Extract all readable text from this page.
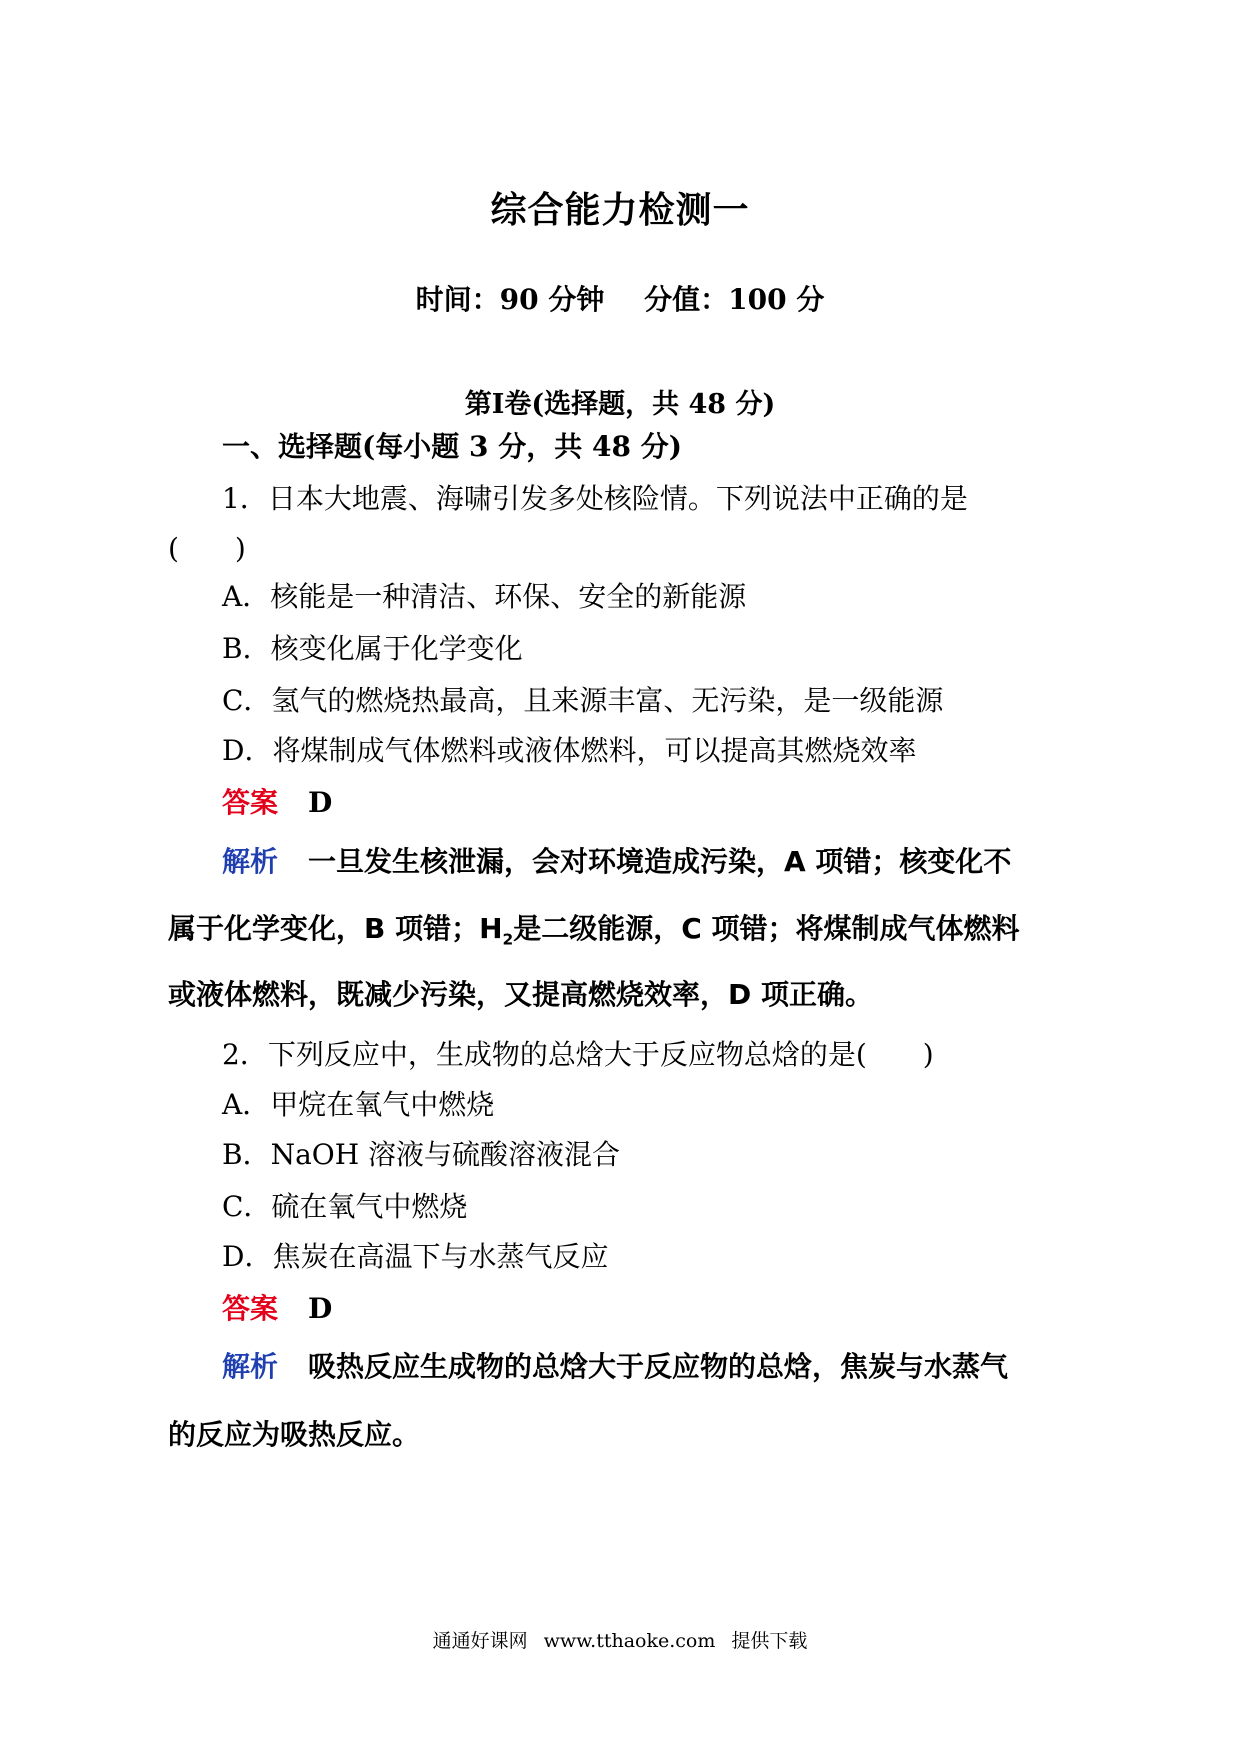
综合能力检测一
时间：90 分钟 分值：100 分
第Ⅰ卷(选择题，共 48 分)
一、选择题(每小题 3 分，共 48 分)
1．日本大地震、海啸引发多处核险情。下列说法中正确的是
(　　)
A．核能是一种清洁、环保、安全的新能源
B．核变化属于化学变化
C．氢气的燃烧热最高，且来源丰富、无污染，是一级能源
D．将煤制成气体燃料或液体燃料，可以提高其燃烧效率
答案 D
解析 一旦发生核泄漏，会对环境造成污染，A 项错；核变化不
属于化学变化，B 项错；$H_2$是二级能源，C 项错；将煤制成气体燃料
或液体燃料，既减少污染，又提高燃烧效率，D 项正确。
2．下列反应中，生成物的总焓大于反应物总焓的是(　　)
A．甲烷在氧气中燃烧
B．NaOH 溶液与硫酸溶液混合
C．硫在氧气中燃烧
D．焦炭在高温下与水蒸气反应
答案 D
解析 吸热反应生成物的总焓大于反应物的总焓，焦炭与水蒸气
的反应为吸热反应。
通通好课网 www.tthaoke.com 提供下载
